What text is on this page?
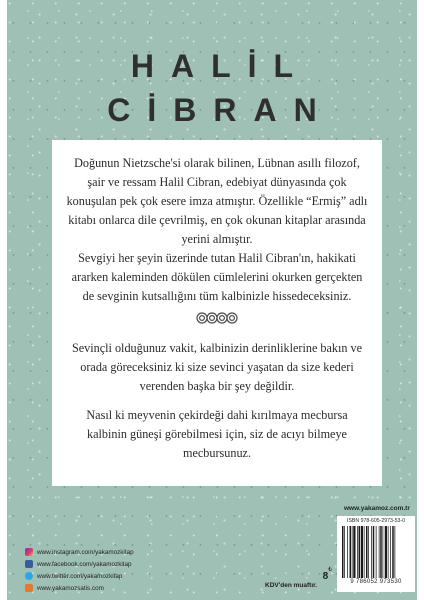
HALİL
CİBRAN

Doğunun Nietzsche'si olarak bilinen, Lübnan asıllı filozof, şair ve ressam Halil Cibran, edebiyat dünyasında çok konuşulan pek çok esere imza atmıştır. Özellikle “Ermiş” adlı kitabı onlarca dile çevrilmiş, en çok okunan kitaplar arasında yerini almıştır.

Sevgiyi her şeyin üzerinde tutan Halil Cibran'ın, hakikati ararken kaleminden dökülen cümlelerini okurken gerçekten de sevginin kutsallığını tüm kalbinizle hissedeceksiniz.

Sevinçli olduğunuz vakit, kalbinizin derinliklerine bakın ve orada göreceksiniz ki size sevinci yaşatan da size kederi verenden başka bir şey değildir.

Nasıl ki meyvenin çekirdeği dahi kırılmaya mecbursa kalbinin güneşi görebilmesi için, siz de acıyı bilmeye mecbursunuz.

www.instagram.com/yakamozkitap
www.facebook.com/yakamozkitap
www.twitter.com/yakamozkitap
www.yakamozsatis.com
8₺
KDV'den muaftır.
www.yakamoz.com.tr
ISBN 978-605-2973-53-0
9 786052 973530
